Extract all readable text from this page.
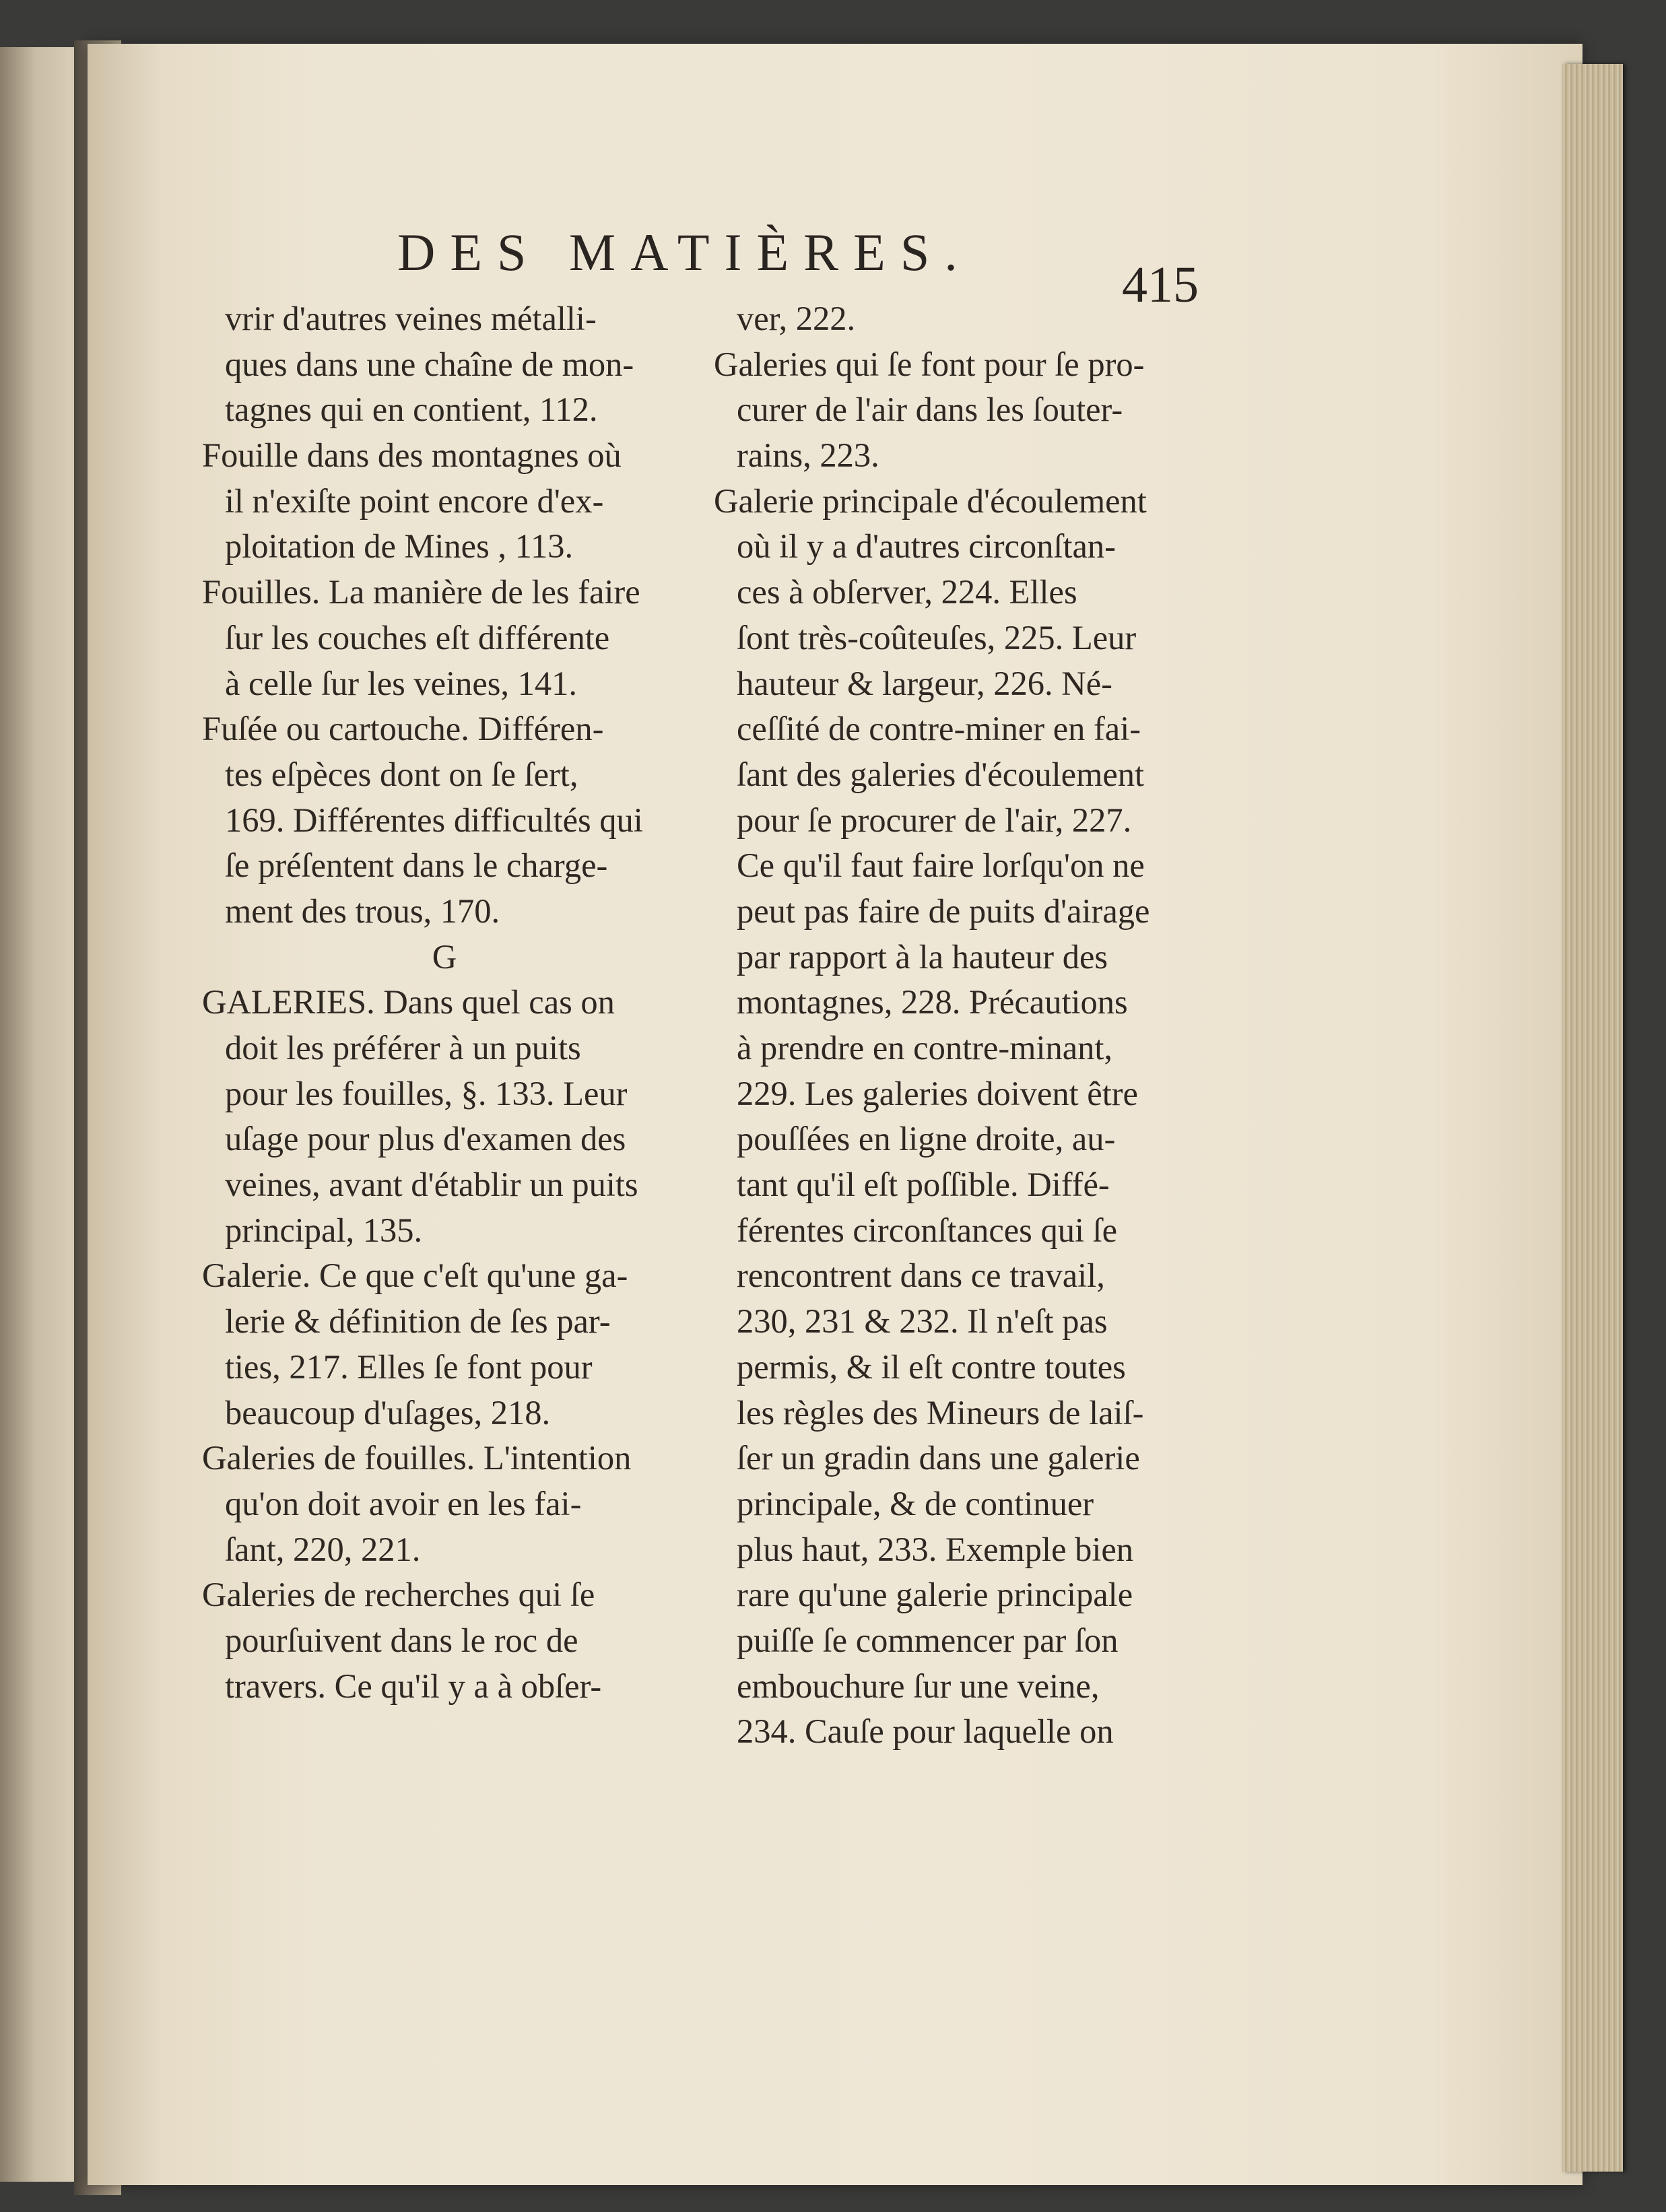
DES MATIÈRES.
415
vrir d'autres veines métalli-
ques dans une chaîne de mon-
tagnes qui en contient, 112.
Fouille dans des montagnes où
il n'exiſte point encore d'ex-
ploitation de Mines , 113.
Fouilles. La manière de les faire
ſur les couches eſt différente
à celle ſur les veines, 141.
Fuſée ou cartouche. Différen-
tes eſpèces dont on ſe ſert,
169. Différentes difficultés qui
ſe préſentent dans le charge-
ment des trous, 170.
G
GALERIES. Dans quel cas on
doit les préférer à un puits
pour les fouilles, §. 133. Leur
uſage pour plus d'examen des
veines, avant d'établir un puits
principal, 135.
Galerie. Ce que c'eſt qu'une ga-
lerie & définition de ſes par-
ties, 217. Elles ſe font pour
beaucoup d'uſages, 218.
Galeries de fouilles. L'intention
qu'on doit avoir en les fai-
ſant, 220, 221.
Galeries de recherches qui ſe
pourſuivent dans le roc de
travers. Ce qu'il y a à obſer-
ver, 222.
Galeries qui ſe font pour ſe pro-
curer de l'air dans les ſouter-
rains, 223.
Galerie principale d'écoulement
où il y a d'autres circonſtan-
ces à obſerver, 224. Elles
ſont très-coûteuſes, 225. Leur
hauteur & largeur, 226. Né-
ceſſité de contre-miner en fai-
ſant des galeries d'écoulement
pour ſe procurer de l'air, 227.
Ce qu'il faut faire lorſqu'on ne
peut pas faire de puits d'airage
par rapport à la hauteur des
montagnes, 228. Précautions
à prendre en contre-minant,
229. Les galeries doivent être
pouſſées en ligne droite, au-
tant qu'il eſt poſſible. Diffé-
férentes circonſtances qui ſe
rencontrent dans ce travail,
230, 231 & 232. Il n'eſt pas
permis, & il eſt contre toutes
les règles des Mineurs de laiſ-
ſer un gradin dans une galerie
principale, & de continuer
plus haut, 233. Exemple bien
rare qu'une galerie principale
puiſſe ſe commencer par ſon
embouchure ſur une veine,
234. Cauſe pour laquelle on
